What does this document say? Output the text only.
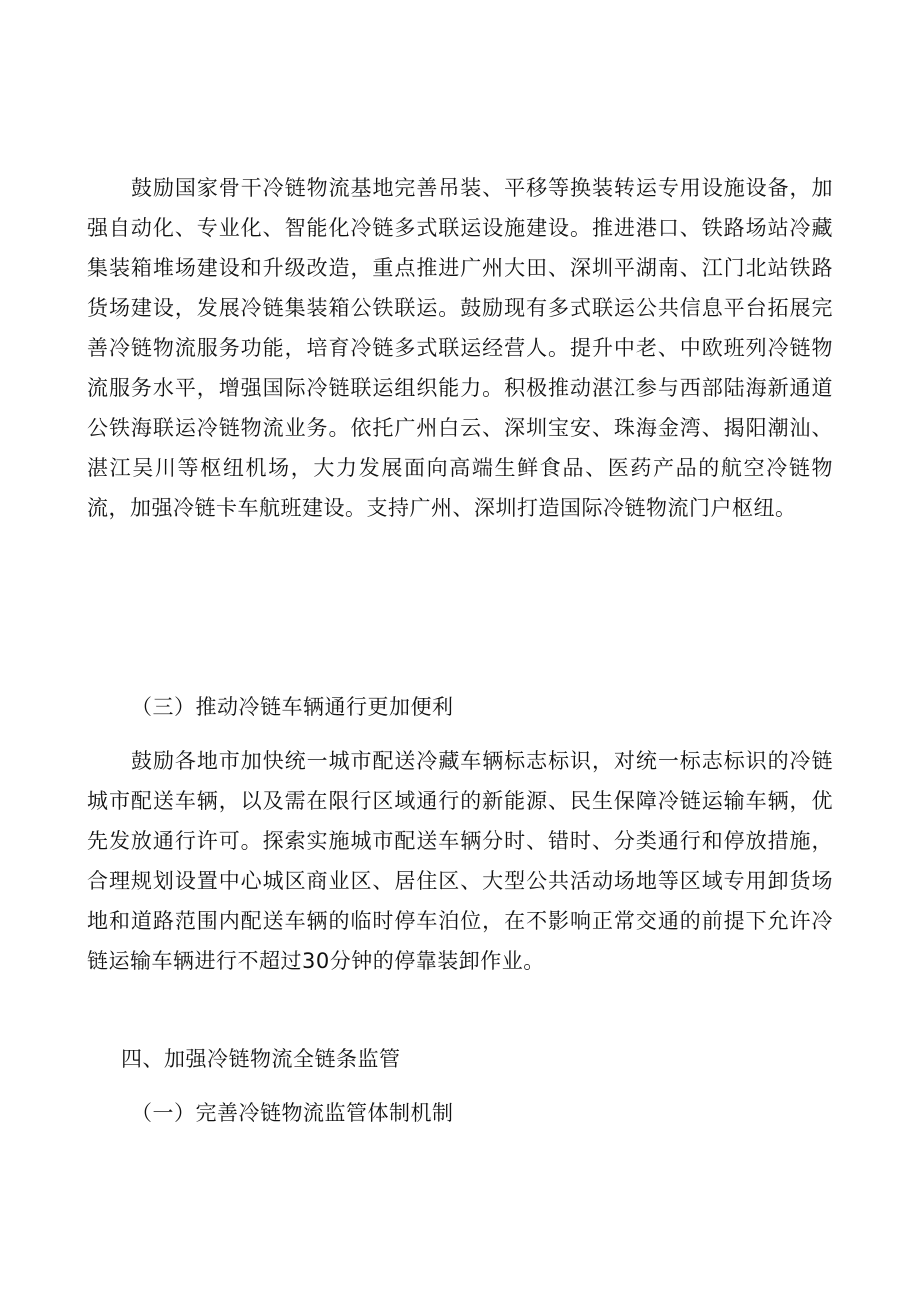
鼓励国家骨干冷链物流基地完善吊装、平移等换装转运专用设施设备，加强自动化、专业化、智能化冷链多式联运设施建设。推进港口、铁路场站冷藏集装箱堆场建设和升级改造，重点推进广州大田、深圳平湖南、江门北站铁路货场建设，发展冷链集装箱公铁联运。鼓励现有多式联运公共信息平台拓展完善冷链物流服务功能，培育冷链多式联运经营人。提升中老、中欧班列冷链物流服务水平，增强国际冷链联运组织能力。积极推动湛江参与西部陆海新通道公铁海联运冷链物流业务。依托广州白云、深圳宝安、珠海金湾、揭阳潮汕、湛江吴川等枢纽机场，大力发展面向高端生鲜食品、医药产品的航空冷链物流，加强冷链卡车航班建设。支持广州、深圳打造国际冷链物流门户枢纽。
（三）推动冷链车辆通行更加便利
鼓励各地市加快统一城市配送冷藏车辆标志标识，对统一标志标识的冷链城市配送车辆，以及需在限行区域通行的新能源、民生保障冷链运输车辆，优先发放通行许可。探索实施城市配送车辆分时、错时、分类通行和停放措施，合理规划设置中心城区商业区、居住区、大型公共活动场地等区域专用卸货场地和道路范围内配送车辆的临时停车泊位，在不影响正常交通的前提下允许冷链运输车辆进行不超过30分钟的停靠装卸作业。
四、加强冷链物流全链条监管
（一）完善冷链物流监管体制机制
